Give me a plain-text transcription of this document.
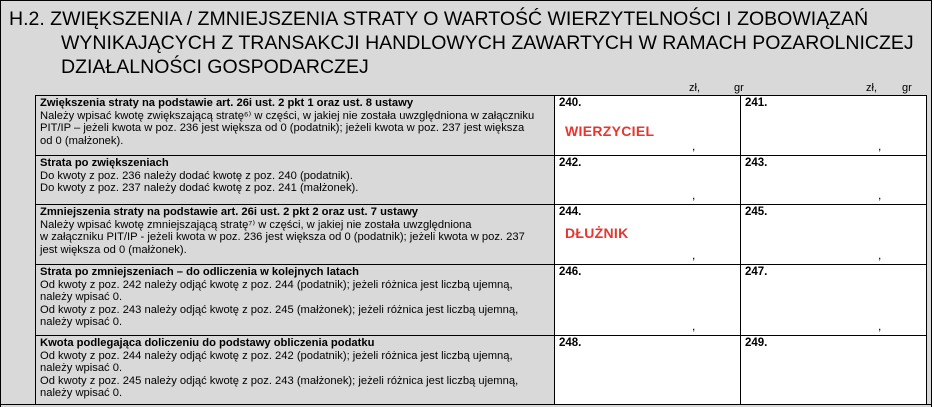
H.2. ZWIĘKSZENIA / ZMNIEJSZENIA STRATY O WARTOŚĆ WIERZYTELNOŚCI I ZOBOWIĄZAŃ
WYNIKAJĄCYCH Z TRANSAKCJI HANDLOWYCH ZAWARTYCH W RAMACH POZAROLNICZEJ
DZIAŁALNOŚCI GOSPODARCZEJ
zł,	gr	zł, gr
Zwiększenia straty na podstawie art. 26i ust. 2 pkt 1 oraz ust. 8 ustawy
Należy wpisać kwotę zwiększającą stratę⁶⁾ w części, w jakiej nie została uwzględniona w załączniku
PIT/IP – jeżeli kwota w poz. 236 jest większa od 0 (podatnik); jeżeli kwota w poz. 237 jest większa
od 0 (małżonek).
240.
WIERZYCIEL
,
241.
,
Strata po zwiększeniach
Do kwoty z poz. 236 należy dodać kwotę z poz. 240 (podatnik).
Do kwoty z poz. 237 należy dodać kwotę z poz. 241 (małżonek).
242.
,
243.
,
Zmniejszenia straty na podstawie art. 26i ust. 2 pkt 2 oraz ust. 7 ustawy
Należy wpisać kwotę zmniejszającą stratę⁷⁾ w części, w jakiej nie została uwzględniona
w załączniku PIT/IP - jeżeli kwota w poz. 236 jest większa od 0 (podatnik); jeżeli kwota w poz. 237
jest większa od 0 (małżonek).
244.
DŁUŻNIK
,
245.
,
Strata po zmniejszeniach – do odliczenia w kolejnych latach
Od kwoty z poz. 242 należy odjąć kwotę z poz. 244 (podatnik); jeżeli różnica jest liczbą ujemną,
należy wpisać 0.
Od kwoty z poz. 243 należy odjąć kwotę z poz. 245 (małżonek); jeżeli różnica jest liczbą ujemną,
należy wpisać 0.
246.
,
247.
,
Kwota podlegająca doliczeniu do podstawy obliczenia podatku
Od kwoty z poz. 244 należy odjąć kwotę z poz. 242 (podatnik); jeżeli różnica jest liczbą ujemną,
należy wpisać 0.
Od kwoty z poz. 245 należy odjąć kwotę z poz. 243 (małżonek); jeżeli różnica jest liczbą ujemną,
należy wpisać 0.
248.	249.
